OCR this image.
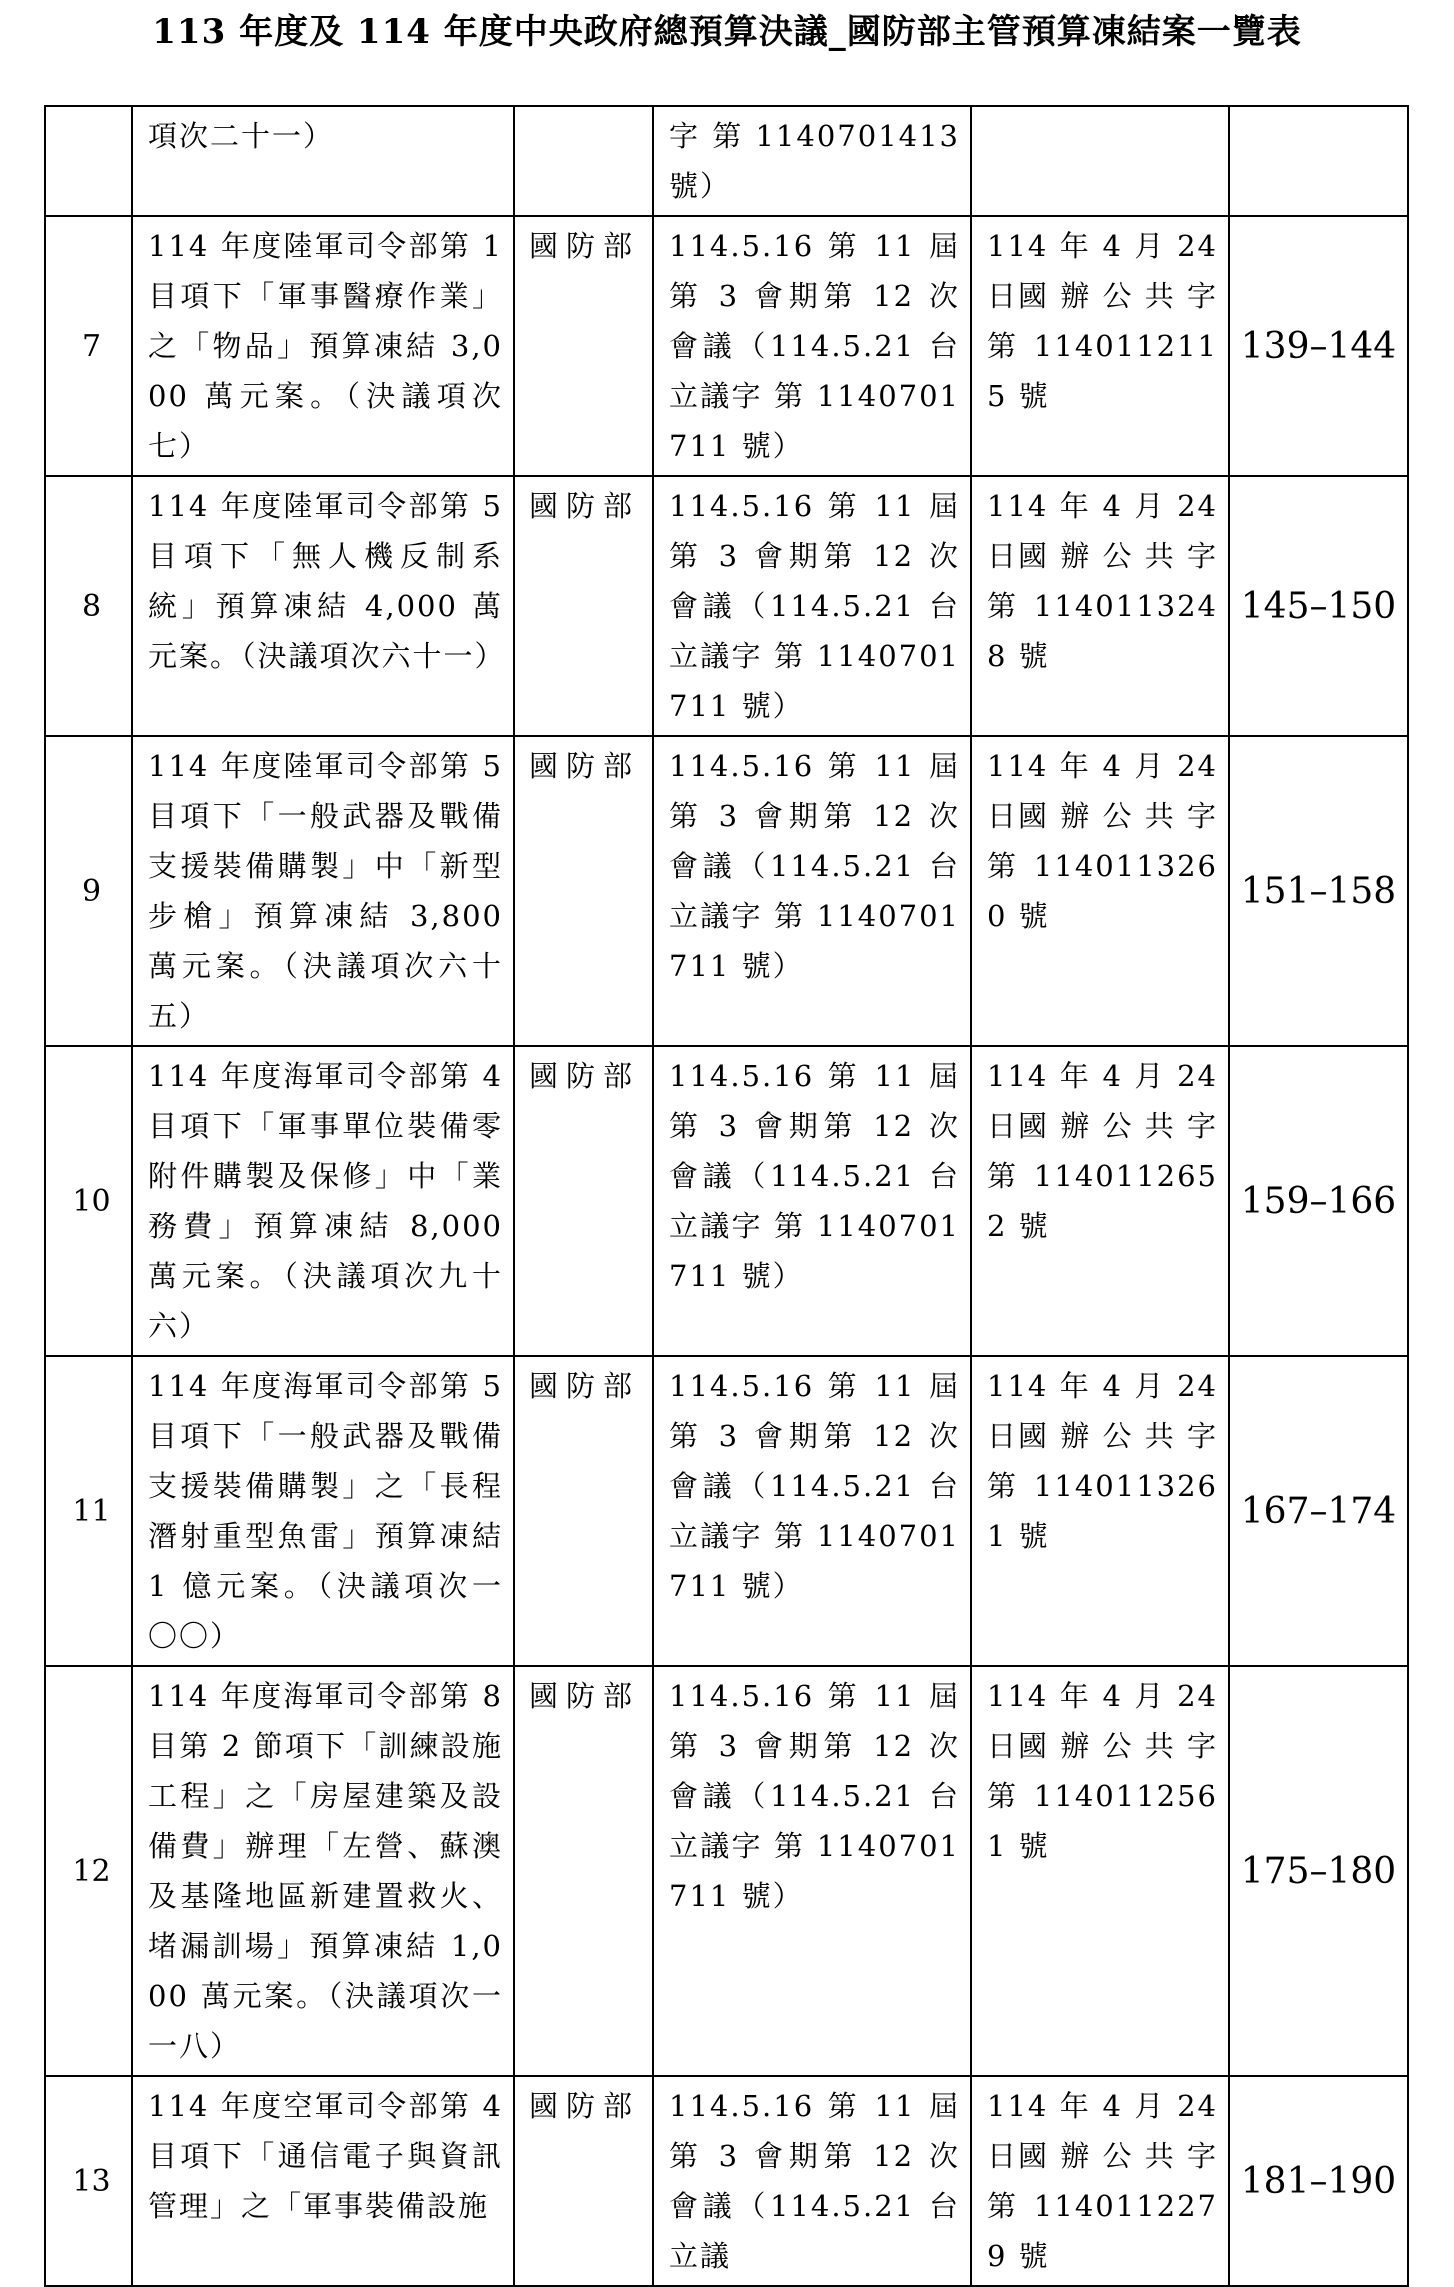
113 年度及 114 年度中央政府總預算決議_國防部主管預算凍結案一覽表

	項次二十一）		字 第 1140701413 號）		

7	114 年度陸軍司令部第 1 目項下「軍事醫療作業」之「物品」預算凍結 3,000 萬元案。（決議項次七）	國防部	114.5.16 第 11 屆第 3 會期第 12 次會議（114.5.21 台立議字 第 1140701711 號）	114 年 4 月 24 日國 辦 公 共 字 第 1140112115 號	139–144
8	114 年度陸軍司令部第 5 目項下「無人機反制系統」預算凍結 4,000 萬元案。（決議項次六十一）	國防部	114.5.16 第 11 屆第 3 會期第 12 次會議（114.5.21 台立議字 第 1140701711 號）	114 年 4 月 24 日國 辦 公 共 字 第 1140113248 號	145–150
9	114 年度陸軍司令部第 5 目項下「一般武器及戰備支援裝備購製」中「新型步槍」預算凍結 3,800 萬元案。（決議項次六十五）	國防部	114.5.16 第 11 屆第 3 會期第 12 次會議（114.5.21 台立議字 第 1140701711 號）	114 年 4 月 24 日國 辦 公 共 字 第 1140113260 號	151–158
10	114 年度海軍司令部第 4 目項下「軍事單位裝備零附件購製及保修」中「業務費」預算凍結 8,000 萬元案。（決議項次九十六）	國防部	114.5.16 第 11 屆第 3 會期第 12 次會議（114.5.21 台立議字 第 1140701711 號）	114 年 4 月 24 日國 辦 公 共 字 第 1140112652 號	159–166
11	114 年度海軍司令部第 5 目項下「一般武器及戰備支援裝備購製」之「長程潛射重型魚雷」預算凍結 1 億元案。（決議項次一〇〇）	國防部	114.5.16 第 11 屆第 3 會期第 12 次會議（114.5.21 台立議字 第 1140701711 號）	114 年 4 月 24 日國 辦 公 共 字 第 1140113261 號	167–174
12	114 年度海軍司令部第 8 目第 2 節項下「訓練設施工程」之「房屋建築及設備費」辦理「左營、蘇澳及基隆地區新建置救火、堵漏訓場」預算凍結 1,000 萬元案。（決議項次一一八）	國防部	114.5.16 第 11 屆第 3 會期第 12 次會議（114.5.21 台立議字 第 1140701711 號）	114 年 4 月 24 日國 辦 公 共 字 第 1140112561 號	175–180
13	114 年度空軍司令部第 4 目項下「通信電子與資訊管理」之「軍事裝備設施	國防部	114.5.16 第 11 屆第 3 會期第 12 次會議（114.5.21 台立議	114 年 4 月 24 日國 辦 公 共 字 第 1140112279 號	181–190
